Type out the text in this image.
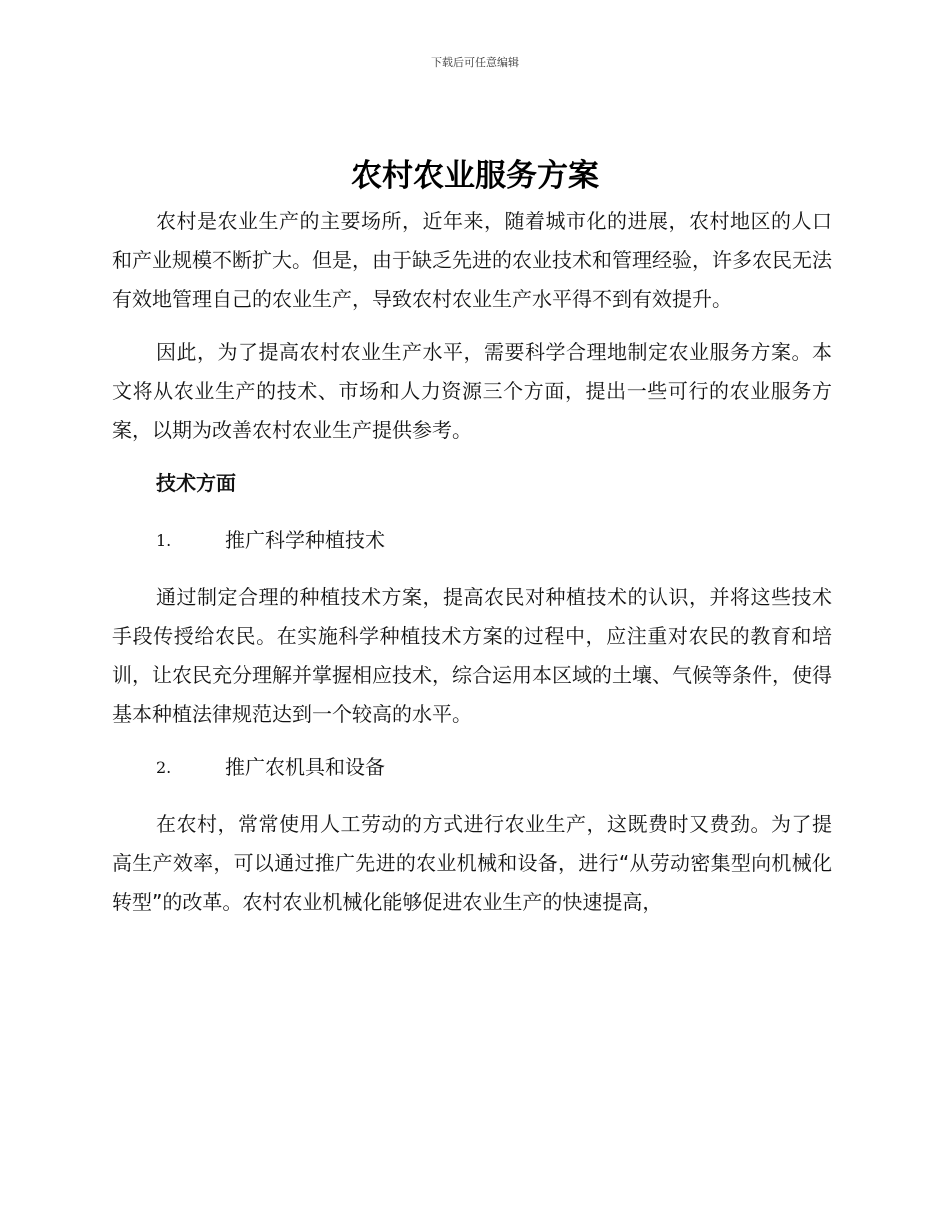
下载后可任意编辑
农村农业服务方案

农村是农业生产的主要场所，近年来，随着城市化的进展，农村地区的人口和产业规模不断扩大。但是，由于缺乏先进的农业技术和管理经验，许多农民无法有效地管理自己的农业生产，导致农村农业生产水平得不到有效提升。

因此，为了提高农村农业生产水平，需要科学合理地制定农业服务方案。本文将从农业生产的技术、市场和人力资源三个方面，提出一些可行的农业服务方案，以期为改善农村农业生产提供参考。

技术方面
1.	推广科学种植技术

通过制定合理的种植技术方案，提高农民对种植技术的认识，并将这些技术手段传授给农民。在实施科学种植技术方案的过程中，应注重对农民的教育和培训，让农民充分理解并掌握相应技术，综合运用本区域的土壤、气候等条件，使得基本种植法律规范达到一个较高的水平。

2.	推广农机具和设备

在农村，常常使用人工劳动的方式进行农业生产，这既费时又费劲。为了提高生产效率，可以通过推广先进的农业机械和设备，进行“从劳动密集型向机械化转型”的改革。农村农业机械化能够促进农业生产的快速提高，
